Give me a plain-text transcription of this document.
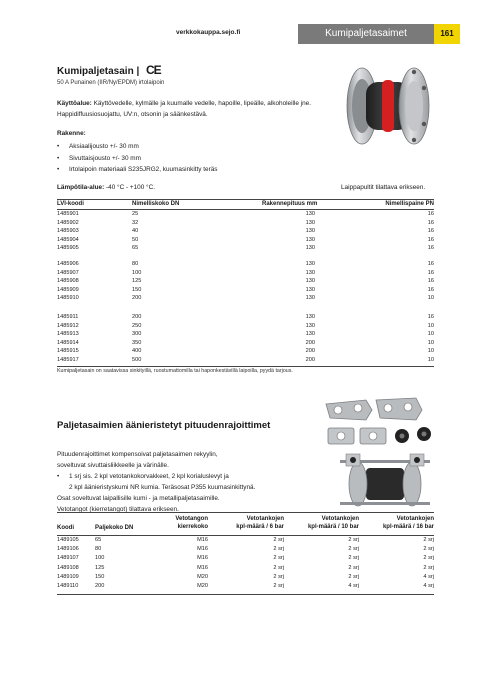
verkkokauppa.sejo.fi	Kumipaljetasaimet	161
Kumipaljetasain | CE
50 A Punainen (IIR/Ny/EPDM) irtolaipoin
Käyttöalue: Käyttövedelle, kylmälle ja kuumalle vedelle, hapoille, lipeälle, alkoholeille jne.
Happidiffuusiosuojattu, UV:n, otsonin ja säänkestävä.
Rakenne:
• Aksiaalijousto +/- 30 mm
• Sivuttaisjousto +/- 30 mm
• Irtolaipoin materiaali S235JRG2, kuumasinkitty teräs
Lämpötila-alue: -40 °C - +100 °C.	Laippapultit tilattava erikseen.
LVI-koodi	Nimelliskoko DN	Rakennepituus mm	Nimellispaine PN
1485901	25	130	16
1485902	32	130	16
1485903	40	130	16
1485904	50	130	16
1485905	65	130	16
1485906	80	130	16
1485907	100	130	16
1485908	125	130	16
1485909	150	130	16
1485910	200	130	10
1485911	200	130	16
1485912	250	130	10
1485913	300	130	10
1485914	350	200	10
1485915	400	200	10
1485917	500	200	10
Kumipaljetasain on saatavissa sinkityillä, ruostumattomilla tai haponkestävillä laipoilla, pyydä tarjous.
Paljetasaimien äänieristetyt pituudenrajoittimet
Pituudenrajoittimet kompensoivat paljetasaimen rekyylin,
soveltuvat sivuttaisliikkeelle ja värinälle.
• 1 srj sis. 2 kpl vetotankokorvakkeet, 2 kpl korialuslevyt ja
2 kpl äänieristyskumi NR kumia. Teräsosat P355 kuumasinkittynä.
Osat soveltuvat laipallisille kumi - ja metallipaljetasaimille.
Vetotangot (kierretangot) tilattava erikseen.
Koodi	Paljekoko DN
Vetotangon
kierrekoko
Vetotankojen
kpl-määrä / 6 bar
Vetotankojen
kpl-määrä / 10 bar
Vetotankojen
kpl-määrä / 16 bar
1489105	65	M16	2 srj	2 srj	2 srj
1489106	80	M16	2 srj	2 srj	2 srj
1489107	100	M16	2 srj	2 srj	2 srj
1489108	125	M16	2 srj	2 srj	2 srj
1489109	150	M20	2 srj	2 srj	4 srj
1489110	200	M20	2 srj	4 srj	4 srj
